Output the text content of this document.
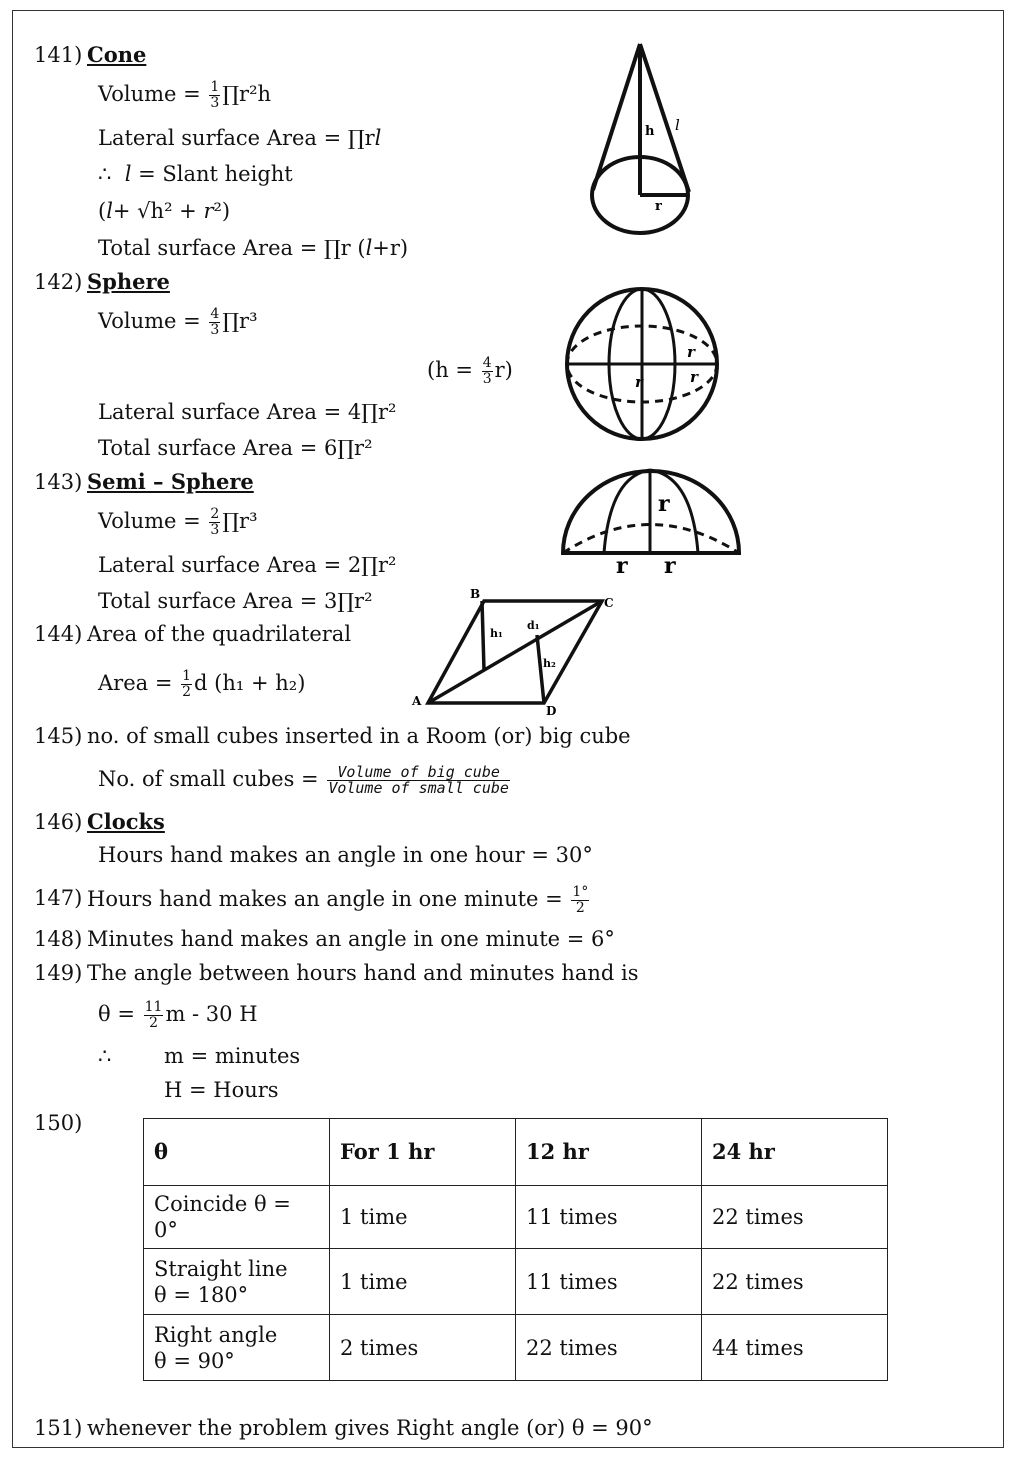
141) Cone
Volume = $\frac{1}{3}$ ∏r²h
Lateral surface Area = ∏r𝑙
∴ 𝑙 = Slant height
(𝑙+ √h² + 𝑟²)
Total surface Area = ∏r (𝑙+r)
h l
r
142) Sphere
Volume = $\frac{4}{3}$ ∏r³
$(h = \frac{4}{3} r)$
Lateral surface Area = 4∏r²
Total surface Area = 6∏r²
r
r	r
143) Semi – Sphere
Volume = $\frac{2}{3}$ ∏r³
Lateral surface Area = 2∏r²
Total surface Area = 3∏r²
r
r r
144) Area of the quadrilateral
Area = $\frac{1}{2}$ d (h₁ + h₂)
B
C
A
D
h₁
d₁
h₂
145) no. of small cubes inserted in a Room (or) big cube
No. of small cubes = $\frac{\text{Volume of big cube}}{\text{Volume of small cube}}$
146) Clocks
Hours hand makes an angle in one hour = 30°
147) Hours hand makes an angle in one minute = $\frac{1^\circ}{2}$
148) Minutes hand makes an angle in one minute = 6°
149) The angle between hours hand and minutes hand is
$\theta = \frac{11}{2}$ m - 30 H
∴	m = minutes
H = Hours
150)
θ	For 1 hr	12 hr	24 hr
Coincide θ = 0°	1 time	11 times	22 times
Straight line
θ = 180°	1 time	11 times	22 times
Right angle
θ = 90°	2 times	22 times	44 times
151) whenever the problem gives Right angle (or) θ = 90°
